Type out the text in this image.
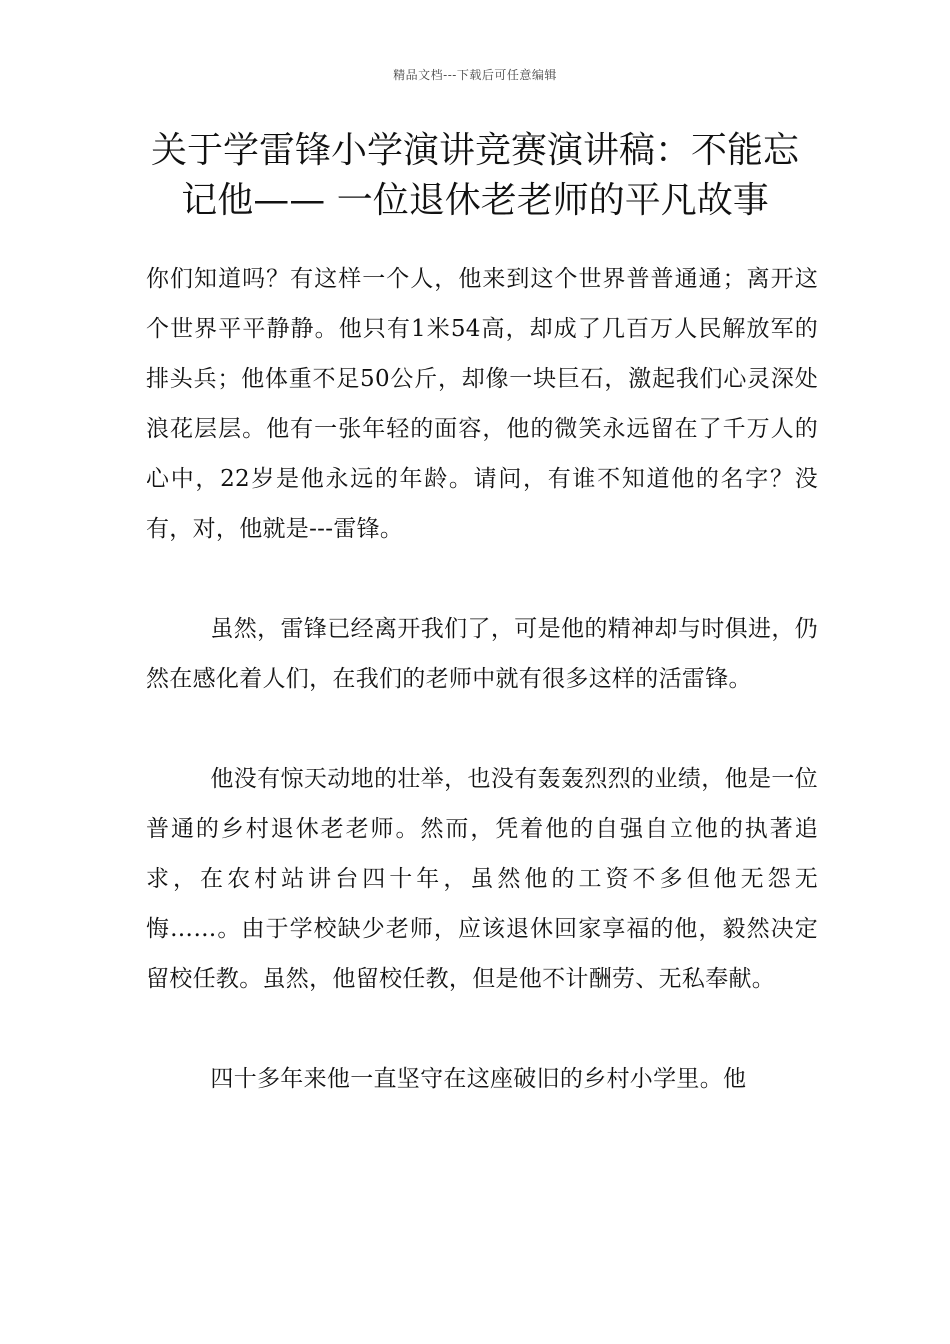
精品文档---下载后可任意编辑
关于学雷锋小学演讲竞赛演讲稿：不能忘记他—— 一位退休老老师的平凡故事

你们知道吗？有这样一个人，他来到这个世界普普通通；离开这个世界平平静静。他只有1米54高，却成了几百万人民解放军的排头兵；他体重不足50公斤，却像一块巨石，激起我们心灵深处浪花层层。他有一张年轻的面容，他的微笑永远留在了千万人的心中，22岁是他永远的年龄。请问，有谁不知道他的名字？没有，对，他就是---雷锋。

虽然，雷锋已经离开我们了，可是他的精神却与时俱进，仍然在感化着人们，在我们的老师中就有很多这样的活雷锋。

他没有惊天动地的壮举，也没有轰轰烈烈的业绩，他是一位普通的乡村退休老老师。然而，凭着他的自强自立他的执著追求，在农村站讲台四十年，虽然他的工资不多但他无怨无悔……。由于学校缺少老师，应该退休回家享福的他，毅然决定留校任教。虽然，他留校任教，但是他不计酬劳、无私奉献。

四十多年来他一直坚守在这座破旧的乡村小学里。他
